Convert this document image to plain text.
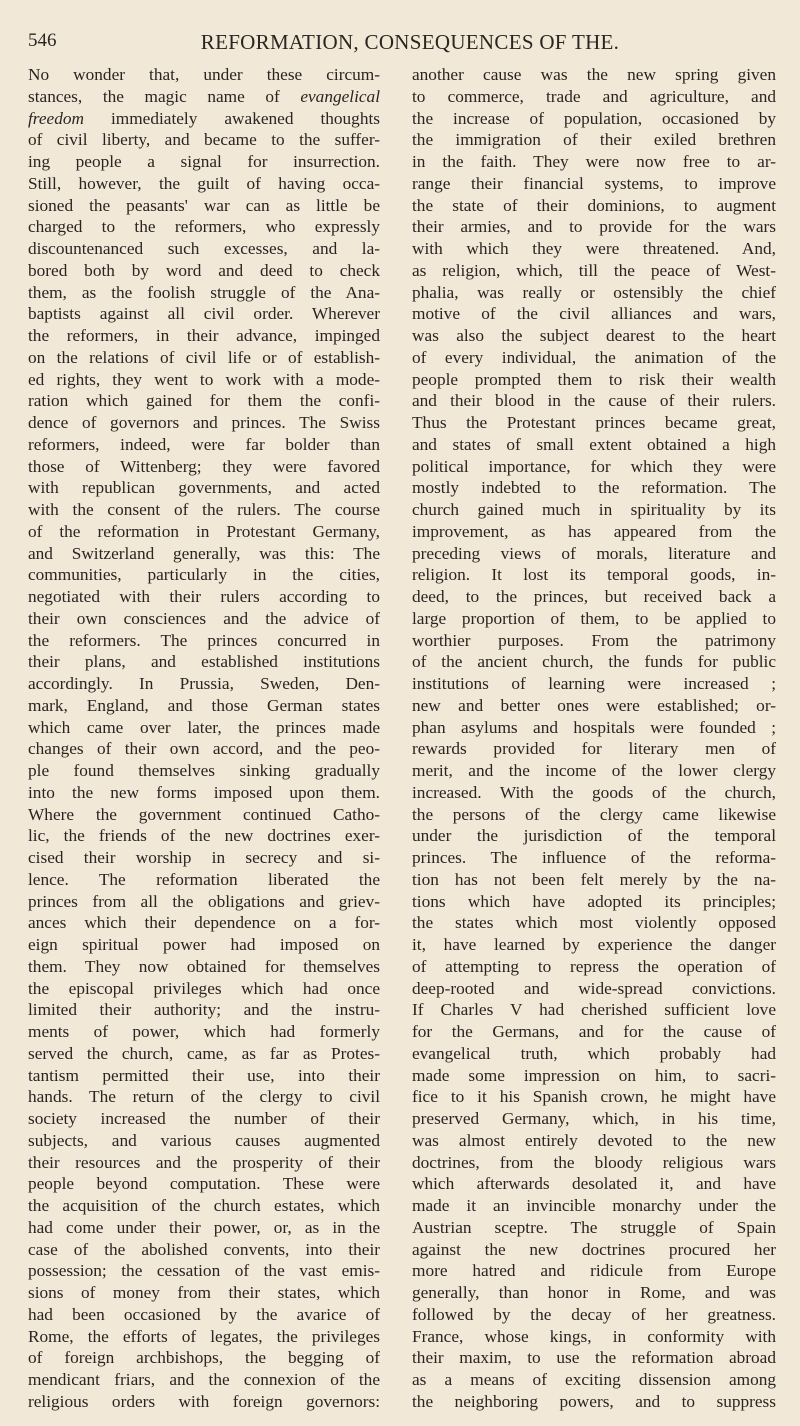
546	REFORMATION, CONSEQUENCES OF THE.
No wonder that, under these circum-
stances, the magic name of evangelical
freedom immediately awakened thoughts
of civil liberty, and became to the suffer-
ing people a signal for insurrection.
Still, however, the guilt of having occa-
sioned the peasants' war can as little be
charged to the reformers, who expressly
discountenanced such excesses, and la-
bored both by word and deed to check
them, as the foolish struggle of the Ana-
baptists against all civil order. Wherever
the reformers, in their advance, impinged
on the relations of civil life or of establish-
ed rights, they went to work with a mode-
ration which gained for them the confi-
dence of governors and princes. The Swiss
reformers, indeed, were far bolder than
those of Wittenberg; they were favored
with republican governments, and acted
with the consent of the rulers. The course
of the reformation in Protestant Germany,
and Switzerland generally, was this: The
communities, particularly in the cities,
negotiated with their rulers according to
their own consciences and the advice of
the reformers. The princes concurred in
their plans, and established institutions
accordingly. In Prussia, Sweden, Den-
mark, England, and those German states
which came over later, the princes made
changes of their own accord, and the peo-
ple found themselves sinking gradually
into the new forms imposed upon them.
Where the government continued Catho-
lic, the friends of the new doctrines exer-
cised their worship in secrecy and si-
lence. The reformation liberated the
princes from all the obligations and griev-
ances which their dependence on a for-
eign spiritual power had imposed on
them. They now obtained for themselves
the episcopal privileges which had once
limited their authority; and the instru-
ments of power, which had formerly
served the church, came, as far as Protes-
tantism permitted their use, into their
hands. The return of the clergy to civil
society increased the number of their
subjects, and various causes augmented
their resources and the prosperity of their
people beyond computation. These were
the acquisition of the church estates, which
had come under their power, or, as in the
case of the abolished convents, into their
possession; the cessation of the vast emis-
sions of money from their states, which
had been occasioned by the avarice of
Rome, the efforts of legates, the privileges
of foreign archbishops, the begging of
mendicant friars, and the connexion of the
religious orders with foreign governors:
another cause was the new spring given
to commerce, trade and agriculture, and
the increase of population, occasioned by
the immigration of their exiled brethren
in the faith. They were now free to ar-
range their financial systems, to improve
the state of their dominions, to augment
their armies, and to provide for the wars
with which they were threatened. And,
as religion, which, till the peace of West-
phalia, was really or ostensibly the chief
motive of the civil alliances and wars,
was also the subject dearest to the heart
of every individual, the animation of the
people prompted them to risk their wealth
and their blood in the cause of their rulers.
Thus the Protestant princes became great,
and states of small extent obtained a high
political importance, for which they were
mostly indebted to the reformation. The
church gained much in spirituality by its
improvement, as has appeared from the
preceding views of morals, literature and
religion. It lost its temporal goods, in-
deed, to the princes, but received back a
large proportion of them, to be applied to
worthier purposes. From the patrimony
of the ancient church, the funds for public
institutions of learning were increased ;
new and better ones were established; or-
phan asylums and hospitals were founded ;
rewards provided for literary men of
merit, and the income of the lower clergy
increased. With the goods of the church,
the persons of the clergy came likewise
under the jurisdiction of the temporal
princes. The influence of the reforma-
tion has not been felt merely by the na-
tions which have adopted its principles;
the states which most violently opposed
it, have learned by experience the danger
of attempting to repress the operation of
deep-rooted and wide-spread convictions.
If Charles V had cherished sufficient love
for the Germans, and for the cause of
evangelical truth, which probably had
made some impression on him, to sacri-
fice to it his Spanish crown, he might have
preserved Germany, which, in his time,
was almost entirely devoted to the new
doctrines, from the bloody religious wars
which afterwards desolated it, and have
made it an invincible monarchy under the
Austrian sceptre. The struggle of Spain
against the new doctrines procured her
more hatred and ridicule from Europe
generally, than honor in Rome, and was
followed by the decay of her greatness.
France, whose kings, in conformity with
their maxim, to use the reformation abroad
as a means of exciting dissension among
the neighboring powers, and to suppress
